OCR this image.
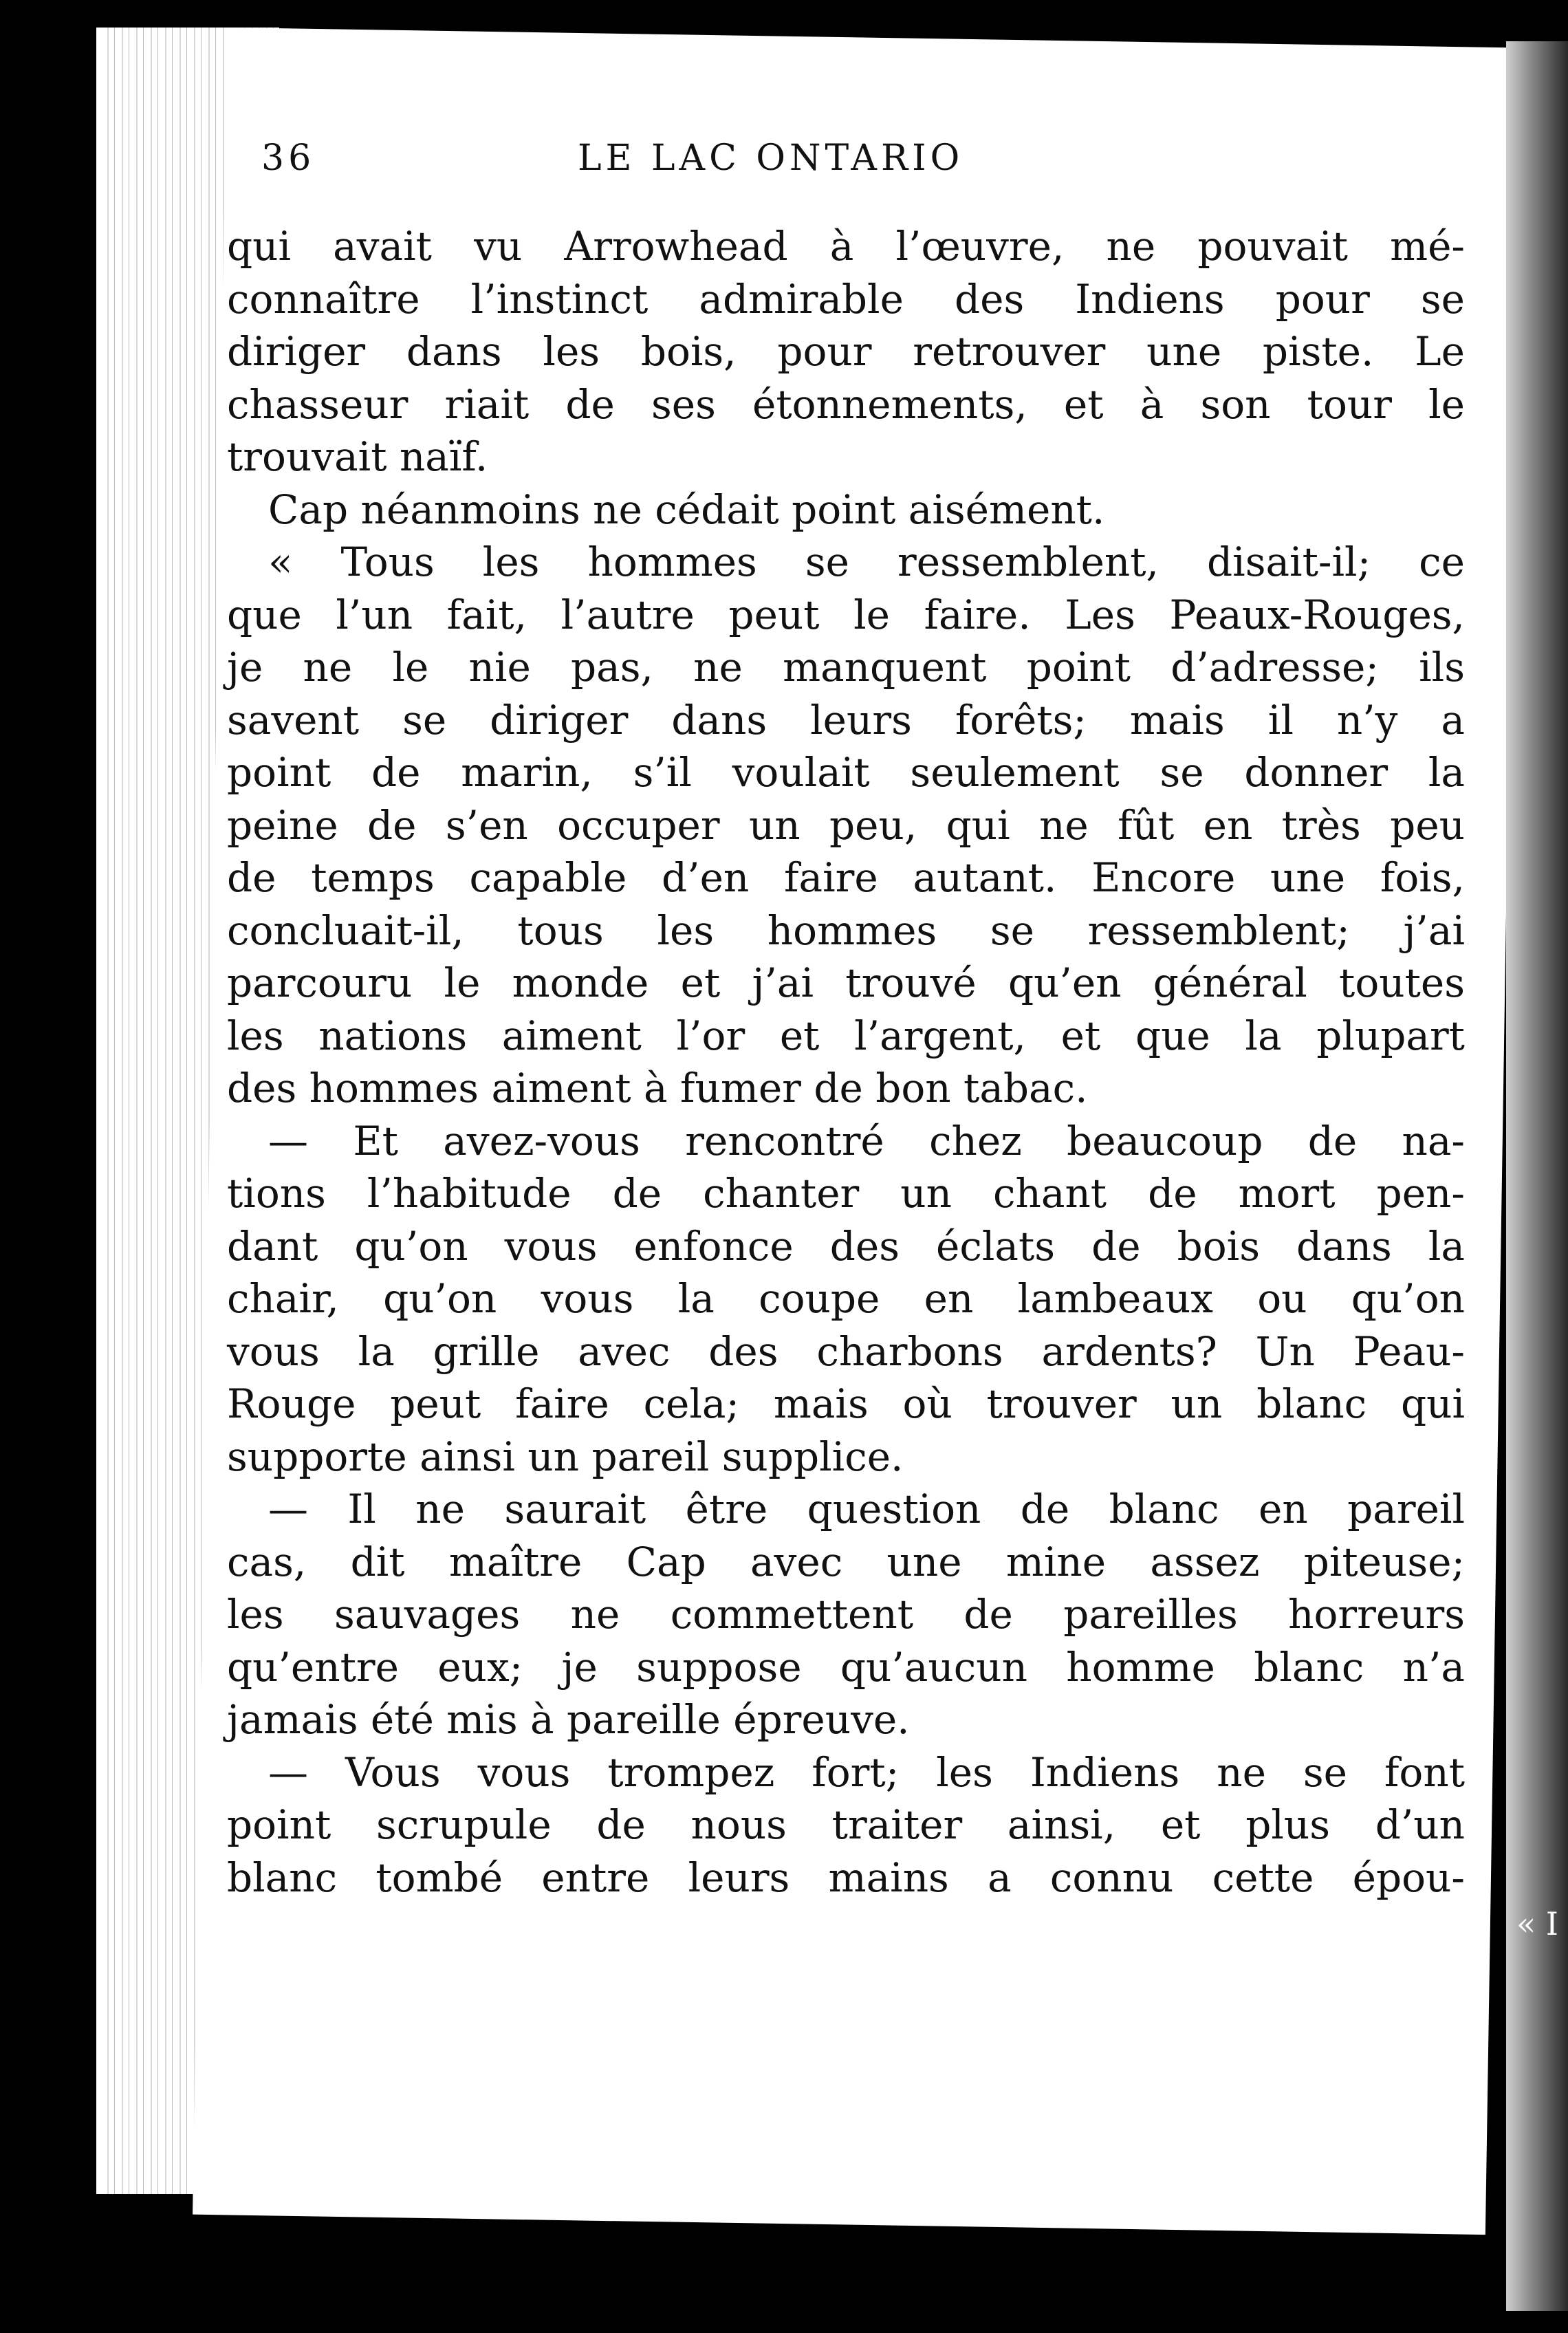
36	LE LAC ONTARIO
qui avait vu Arrowhead à l’œuvre, ne pouvait mé-
connaître l’instinct admirable des Indiens pour se
diriger dans les bois, pour retrouver une piste. Le
chasseur riait de ses étonnements, et à son tour le
trouvait naïf.
Cap néanmoins ne cédait point aisément.
« Tous les hommes se ressemblent, disait-il; ce
que l’un fait, l’autre peut le faire. Les Peaux-Rouges,
je ne le nie pas, ne manquent point d’adresse; ils
savent se diriger dans leurs forêts; mais il n’y a
point de marin, s’il voulait seulement se donner la
peine de s’en occuper un peu, qui ne fût en très peu
de temps capable d’en faire autant. Encore une fois,
concluait-il, tous les hommes se ressemblent; j’ai
parcouru le monde et j’ai trouvé qu’en général toutes
les nations aiment l’or et l’argent, et que la plupart
des hommes aiment à fumer de bon tabac.
— Et avez-vous rencontré chez beaucoup de na-
tions l’habitude de chanter un chant de mort pen-
dant qu’on vous enfonce des éclats de bois dans la
chair, qu’on vous la coupe en lambeaux ou qu’on
vous la grille avec des charbons ardents? Un Peau-
Rouge peut faire cela; mais où trouver un blanc qui
supporte ainsi un pareil supplice.
— Il ne saurait être question de blanc en pareil
cas, dit maître Cap avec une mine assez piteuse;
les sauvages ne commettent de pareilles horreurs
qu’entre eux; je suppose qu’aucun homme blanc n’a
jamais été mis à pareille épreuve.
— Vous vous trompez fort; les Indiens ne se font
point scrupule de nous traiter ainsi, et plus d’un
blanc tombé entre leurs mains a connu cette épou-
« I
